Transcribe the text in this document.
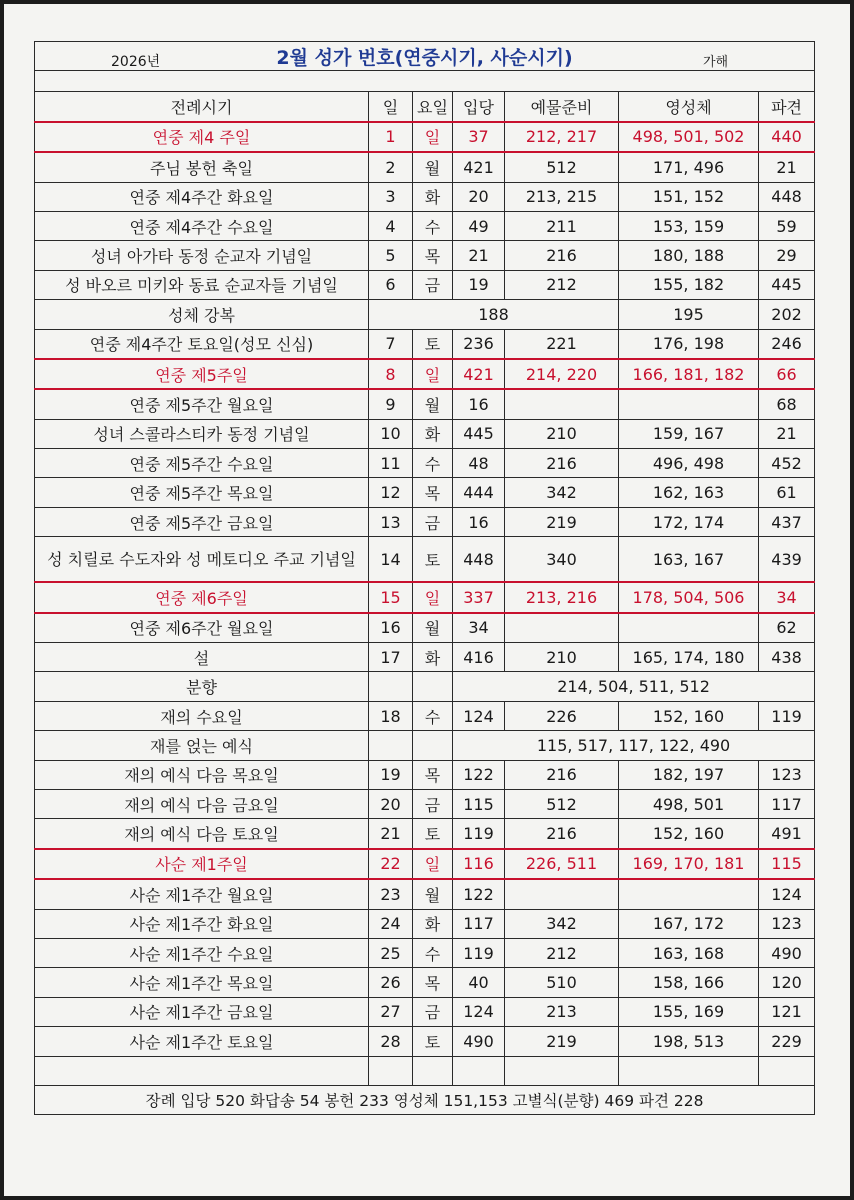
2026년 2월 성가 번호(연중시기, 사순시기) 가해						

전례시기	일	요일	입당	예물준비	영성체	파견
연중 제4 주일	1	일	37	212, 217	498, 501, 502	440
주님 봉헌 축일	2	월	421	512	171, 496	21
연중 제4주간 화요일	3	화	20	213, 215	151, 152	448
연중 제4주간 수요일	4	수	49	211	153, 159	59
성녀 아가타 동정 순교자 기념일	5	목	21	216	180, 188	29
성 바오르 미키와 동료 순교자들 기념일	6	금	19	212	155, 182	445
성체 강복	188				195	202
연중 제4주간 토요일(성모 신심)	7	토	236	221	176, 198	246
연중 제5주일	8	일	421	214, 220	166, 181, 182	66
연중 제5주간 월요일	9	월	16			68
성녀 스콜라스티카 동정 기념일	10	화	445	210	159, 167	21
연중 제5주간 수요일	11	수	48	216	496, 498	452
연중 제5주간 목요일	12	목	444	342	162, 163	61
연중 제5주간 금요일	13	금	16	219	172, 174	437
성 치릴로 수도자와 성 메토디오 주교 기념일	14	토	448	340	163, 167	439
연중 제6주일	15	일	337	213, 216	178, 504, 506	34
연중 제6주간 월요일	16	월	34			62
설	17	화	416	210	165, 174, 180	438
분향			214, 504, 511, 512			
재의 수요일	18	수	124	226	152, 160	119
재를 얹는 예식			115, 517, 117, 122, 490			
재의 예식 다음 목요일	19	목	122	216	182, 197	123
재의 예식 다음 금요일	20	금	115	512	498, 501	117
재의 예식 다음 토요일	21	토	119	216	152, 160	491
사순 제1주일	22	일	116	226, 511	169, 170, 181	115
사순 제1주간 월요일	23	월	122			124
사순 제1주간 화요일	24	화	117	342	167, 172	123
사순 제1주간 수요일	25	수	119	212	163, 168	490
사순 제1주간 목요일	26	목	40	510	158, 166	120
사순 제1주간 금요일	27	금	124	213	155, 169	121
사순 제1주간 토요일	28	토	490	219	198, 513	229

장례 입당 520 화답송 54 봉헌 233 영성체 151,153 고별식(분향) 469 파견 228						
